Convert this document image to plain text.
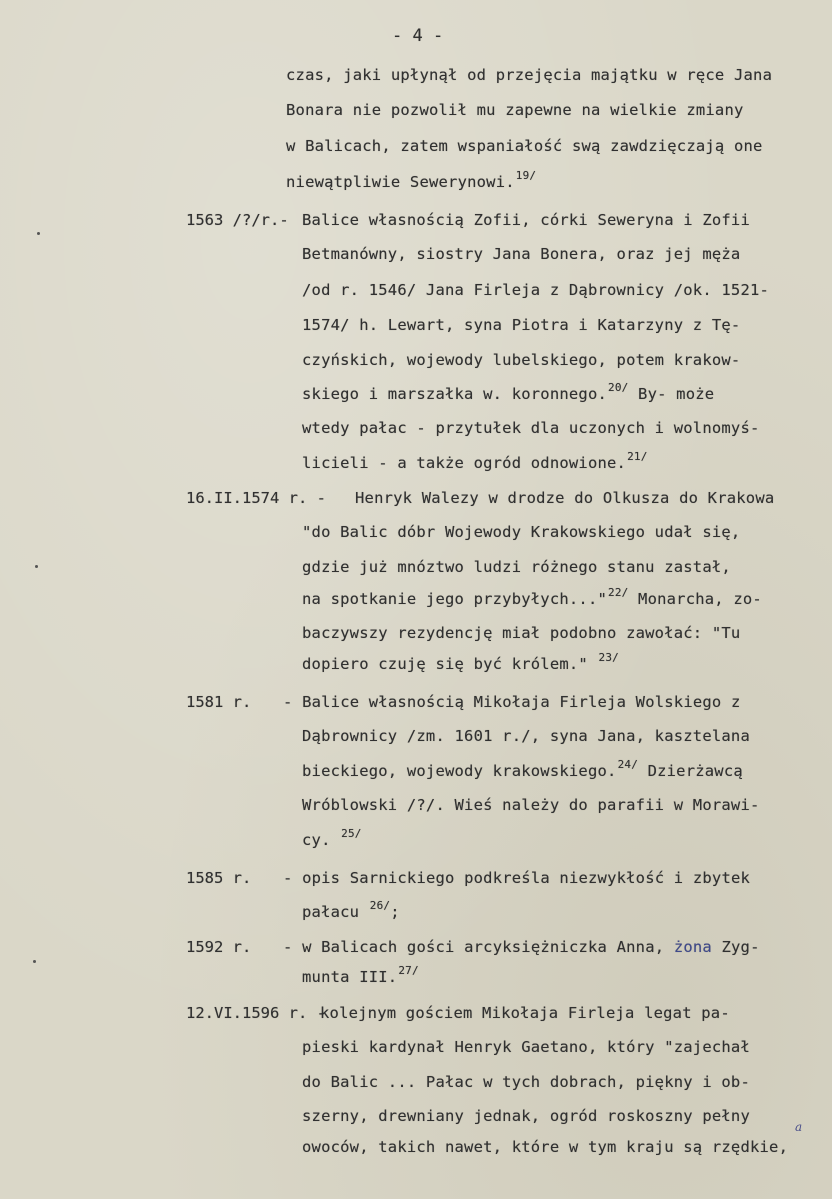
- 4 -
czas, jaki upłynął od przejęcia majątku w ręce Jana
Bonara nie pozwolił mu zapewne na wielkie zmiany
w Balicach, zatem wspaniałość swą zawdzięczają one
niewątpliwie Sewerynowi.$^{19/}$
1563 /?/r.- Balice własnością Zofii, córki Seweryna i Zofii
Betmanówny, siostry Jana Bonera, oraz jej męża
/od r. 1546/ Jana Firleja z Dąbrownicy /ok. 1521-
1574/ h. Lewart, syna Piotra i Katarzyny z Tę-
czyńskich, wojewody lubelskiego, potem krakow-
skiego i marszałka w. koronnego.$^{20/}$ By- może
wtedy pałac - przytułek dla uczonych i wolnomyś-
licieli - a także ogród odnowione.$^{21/}$
16.II.1574 r. - Henryk Walezy w drodze do Olkusza do Krakowa
"do Balic dóbr Wojewody Krakowskiego udał się,
gdzie już mnóztwo ludzi różnego stanu zastał,
na spotkanie jego przybyłych..."$^{22/}$ Monarcha, zo-
baczywszy rezydencję miał podobno zawołać: "Tu
dopiero czuję się być królem." $^{23/}$
1581 r. - Balice własnością Mikołaja Firleja Wolskiego z
Dąbrownicy /zm. 1601 r./, syna Jana, kasztelana
bieckiego, wojewody krakowskiego.$^{24/}$ Dzierżawcą
Wróblowski /?/. Wieś należy do parafii w Morawi-
cy. $^{25/}$
1585 r. - opis Sarnickiego podkreśla niezwykłość i zbytek
pałacu $^{26/}$;
1592 r. - w Balicach gości arcyksiężniczka Anna, żona Zyg-
munta III.$^{27/}$
12.VI.1596 r. -
kolejnym gościem Mikołaja Firleja legat pa-
pieski kardynał Henryk Gaetano, który "zajechał
do Balic ... Pałac w tych dobrach, piękny i ob-
szerny, drewniany jednak, ogród roskoszny pełny
owoców, takich nawet, które w tym kraju są rzędkie,
a
